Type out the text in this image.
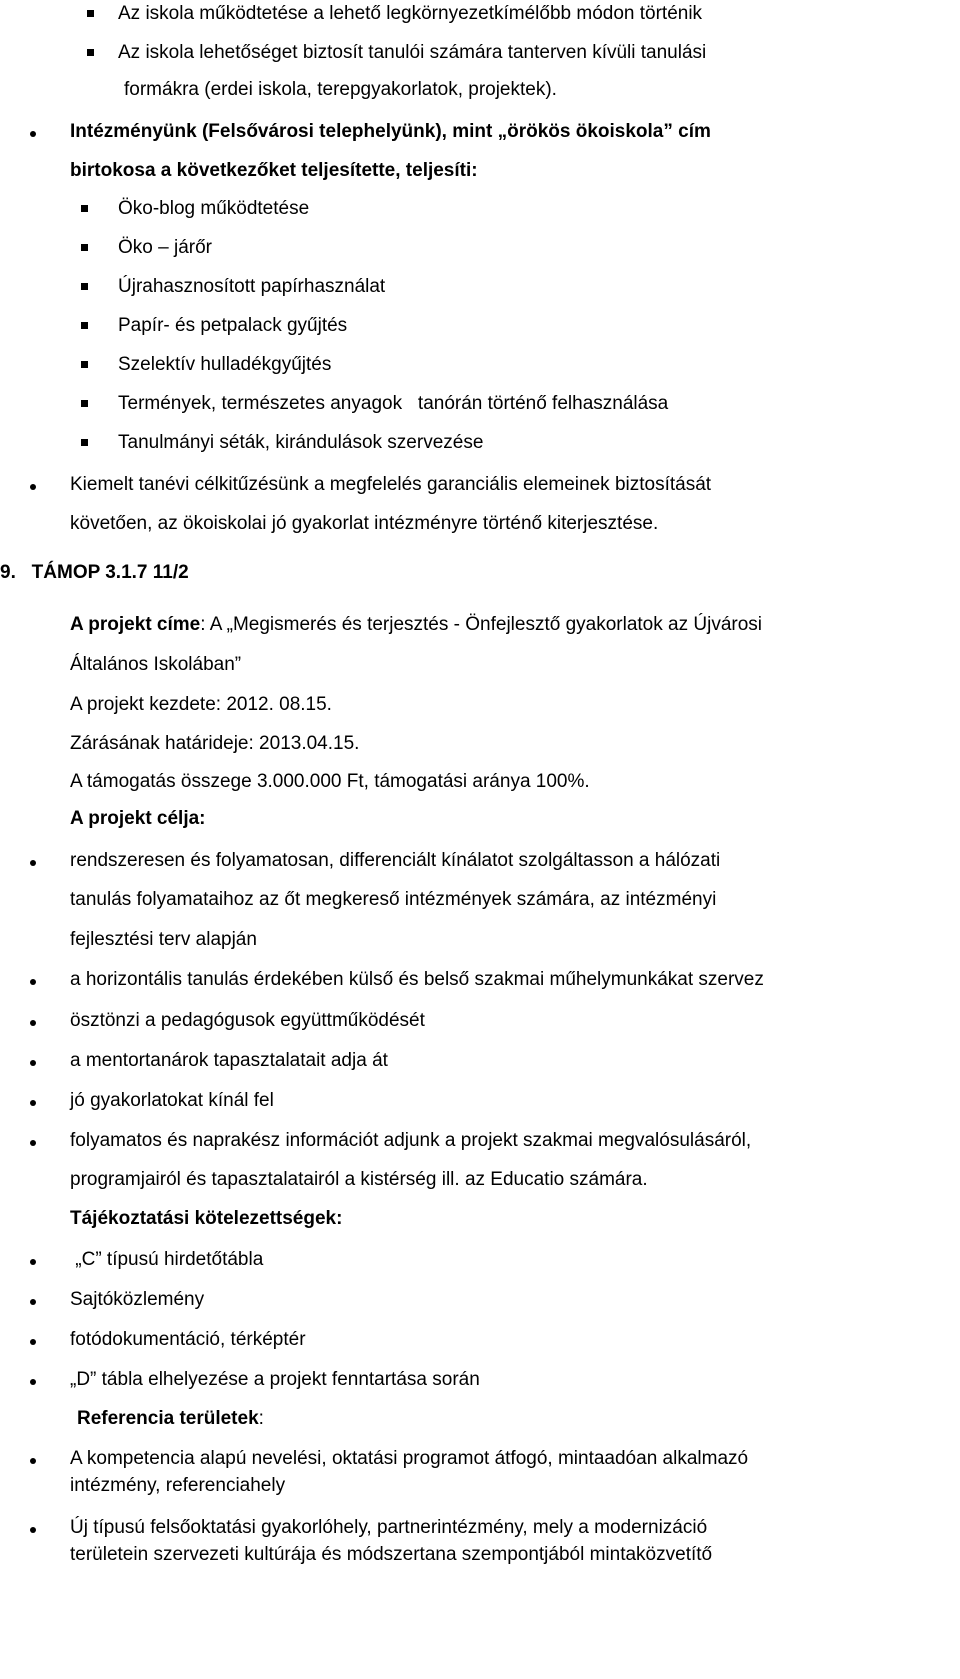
Az iskola működtetése a lehető legkörnyezetkímélőbb módon történik
Az iskola lehetőséget biztosít tanulói számára tanterven kívüli tanulási
formákra (erdei iskola, terepgyakorlatok, projektek).
Intézményünk (Felsővárosi telephelyünk), mint „örökös ökoiskola” cím
birtokosa a következőket teljesítette, teljesíti:
Öko-blog működtetése
Öko – járőr
Újrahasznosított papírhasználat
Papír- és petpalack gyűjtés
Szelektív hulladékgyűjtés
Termények, természetes anyagok   tanórán történő felhasználása
Tanulmányi séták, kirándulások szervezése
Kiemelt tanévi célkitűzésünk a megfelelés garanciális elemeinek biztosítását
követően, az ökoiskolai jó gyakorlat intézményre történő kiterjesztése.
9.   TÁMOP 3.1.7 11/2
A projekt címe: A „Megismerés és terjesztés - Önfejlesztő gyakorlatok az Újvárosi
Általános Iskolában”
A projekt kezdete: 2012. 08.15.
Zárásának határideje: 2013.04.15.
A támogatás összege 3.000.000 Ft, támogatási aránya 100%.
A projekt célja:
rendszeresen és folyamatosan, differenciált kínálatot szolgáltasson a hálózati
tanulás folyamataihoz az őt megkereső intézmények számára, az intézményi
fejlesztési terv alapján
a horizontális tanulás érdekében külső és belső szakmai műhelymunkákat szervez
ösztönzi a pedagógusok együttműködését
a mentortanárok tapasztalatait adja át
jó gyakorlatokat kínál fel
folyamatos és naprakész információt adjunk a projekt szakmai megvalósulásáról,
programjairól és tapasztalatairól a kistérség ill. az Educatio számára.
Tájékoztatási kötelezettségek:
„C” típusú hirdetőtábla
Sajtóközlemény
fotódokumentáció, térképtér
„D” tábla elhelyezése a projekt fenntartása során
Referencia területek:
A kompetencia alapú nevelési, oktatási programot átfogó, mintaadóan alkalmazó
intézmény, referenciahely
Új típusú felsőoktatási gyakorlóhely, partnerintézmény, mely a modernizáció
területein szervezeti kultúrája és módszertana szempontjából mintaközvetítő
